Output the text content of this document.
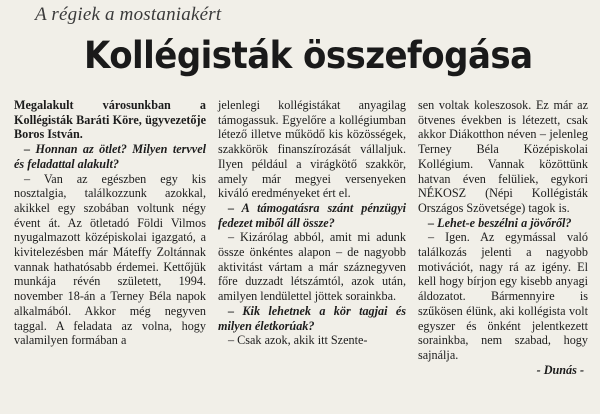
A régiek a mostaniakért
Kollégisták összefogása

Megalakult városunkban a Kollégisták Baráti Köre, ügyvezetője Boros István.

– Honnan az ötlet? Milyen tervvel és feladattal alakult?

– Van az egészben egy kis nosztalgia, találkozzunk azokkal, akikkel egy szobában voltunk négy évent át. Az ötletadó Földi Vilmos nyugalmazott középiskolai igazgató, a kivitelezésben már Máteffy Zoltánnak vannak hathatósabb érdemei. Kettőjük munkája révén született, 1994. november 18-án a Terney Béla napok alkalmából. Akkor még negyven taggal. A feladata az volna, hogy valamilyen formában a

jelenlegi kollégistákat anyagilag támogassuk. Egyelőre a kollégiumban létező illetve működő kis közösségek, szakkörök finanszírozását vállaljuk. Ilyen például a virágkötő szakkör, amely már megyei versenyeken kiváló eredményeket ért el.

– A támogatásra szánt pénzügyi fedezet miből áll össze?

– Kizárólag abból, amit mi adunk össze önkéntes alapon – de nagyobb aktivitást vártam a már száznegyven főre duzzadt létszámtól, azok után, amilyen lendülettel jöttek sorainkba.

– Kik lehetnek a kör tagjai és milyen életkorúak?

– Csak azok, akik itt Szente-

sen voltak koleszosok. Ez már az ötvenes években is létezett, csak akkor Diákotthon néven – jelenleg Terney Béla Középiskolai Kollégium. Vannak közöttünk hatvan éven felüliek, egykori NÉKOSZ (Népi Kollégisták Országos Szövetsége) tagok is.

– Lehet-e beszélni a jövőről?

– Igen. Az egymással való találkozás jelenti a nagyobb motivációt, nagy rá az igény. El kell hogy bírjon egy kisebb anyagi áldozatot. Bármennyire is szűkösen élünk, aki kollégista volt egyszer és önként jelentkezett sorainkba, nem szabad, hogy sajnálja.

- Dunás -
